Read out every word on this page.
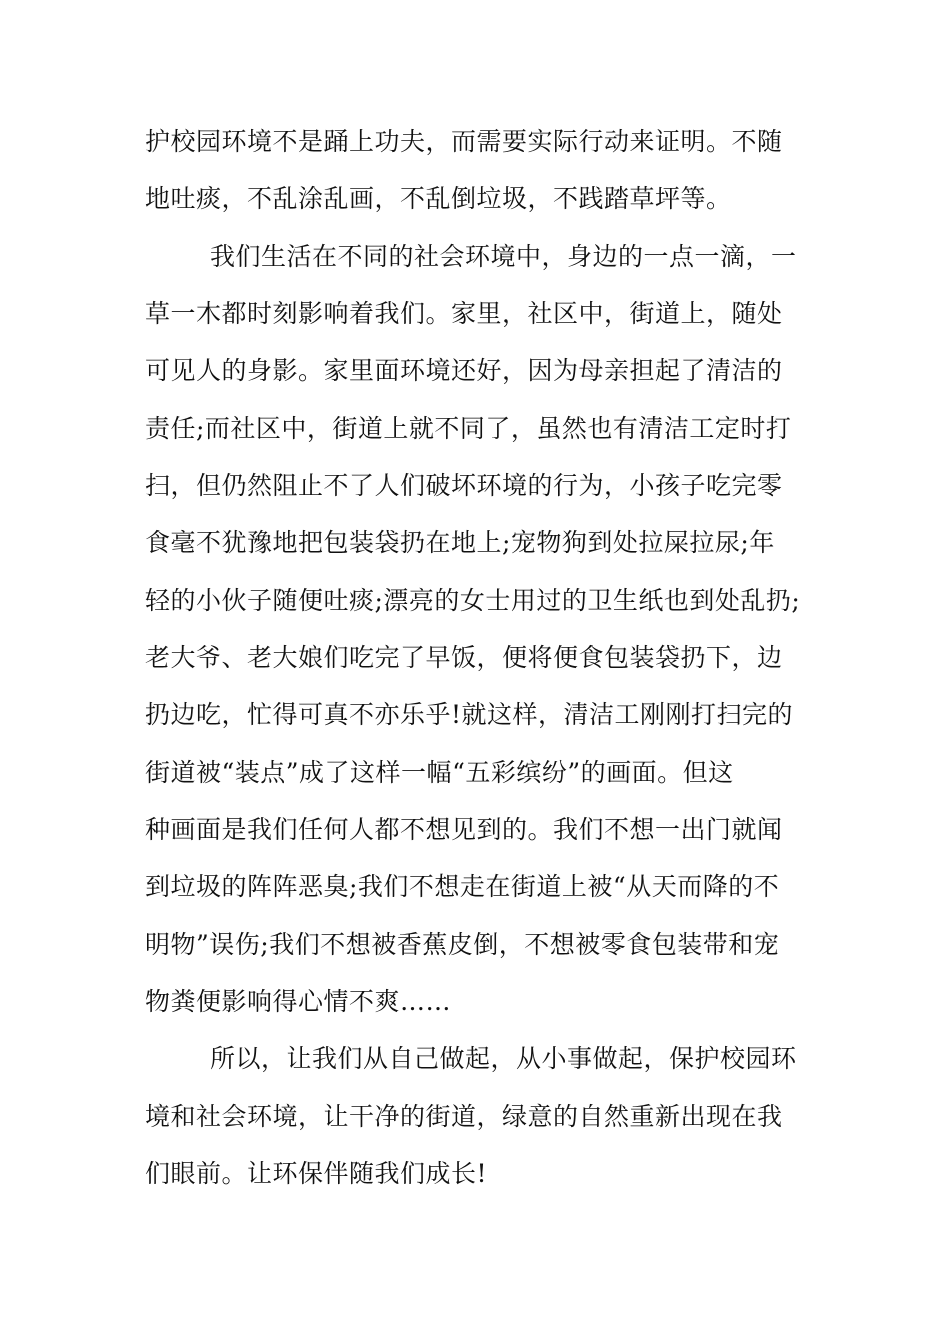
护校园环境不是踊上功夫，而需要实际行动来证明。不随
地吐痰，不乱涂乱画，不乱倒垃圾，不践踏草坪等。
我们生活在不同的社会环境中，身边的一点一滴，一
草一木都时刻影响着我们。家里，社区中，街道上，随处
可见人的身影。家里面环境还好，因为母亲担起了清洁的
责任;而社区中，街道上就不同了，虽然也有清洁工定时打
扫，但仍然阻止不了人们破坏环境的行为，小孩子吃完零
食毫不犹豫地把包装袋扔在地上;宠物狗到处拉屎拉尿;年
轻的小伙子随便吐痰;漂亮的女士用过的卫生纸也到处乱扔;
老大爷、老大娘们吃完了早饭，便将便食包装袋扔下，边
扔边吃，忙得可真不亦乐乎!就这样，清洁工刚刚打扫完的
街道被“装点”成了这样一幅“五彩缤纷”的画面。但这
种画面是我们任何人都不想见到的。我们不想一出门就闻
到垃圾的阵阵恶臭;我们不想走在街道上被“从天而降的不
明物”误伤;我们不想被香蕉皮倒，不想被零食包装带和宠
物粪便影响得心情不爽……
所以，让我们从自己做起，从小事做起，保护校园环
境和社会环境，让干净的街道，绿意的自然重新出现在我
们眼前。让环保伴随我们成长!
